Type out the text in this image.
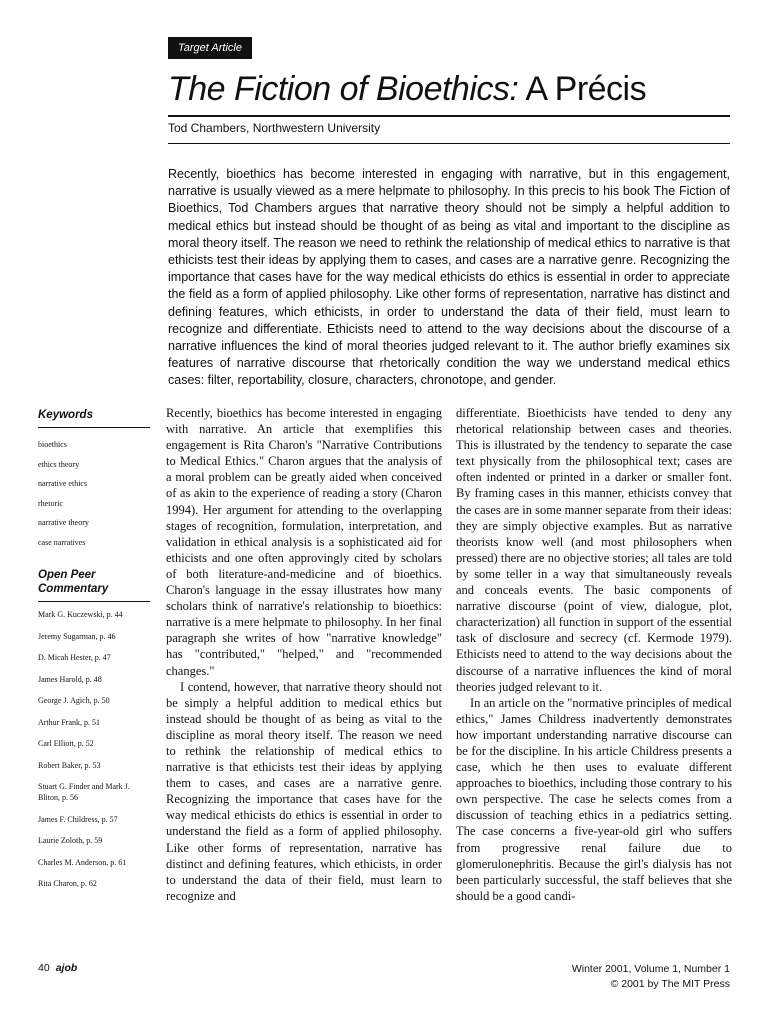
Target Article
The Fiction of Bioethics: A Précis
Tod Chambers, Northwestern University

Recently, bioethics has become interested in engaging with narrative, but in this engagement, narrative is usually viewed as a mere helpmate to philosophy. In this precis to his book The Fiction of Bioethics, Tod Chambers argues that narrative theory should not be simply a helpful addition to medical ethics but instead should be thought of as being as vital and important to the discipline as moral theory itself. The reason we need to rethink the relationship of medical ethics to narrative is that ethicists test their ideas by applying them to cases, and cases are a narrative genre. Recognizing the importance that cases have for the way medical ethicists do ethics is essential in order to appreciate the field as a form of applied philosophy. Like other forms of representation, narrative has distinct and defining features, which ethicists, in order to understand the data of their field, must learn to recognize and differentiate. Ethicists need to attend to the way decisions about the discourse of a narrative influences the kind of moral theories judged relevant to it. The author briefly examines six features of narrative discourse that rhetorically condition the way we understand medical ethics cases: filter, reportability, closure, characters, chronotope, and gender.

Keywords
bioethics
ethics theory
narrative ethics
rhetoric
narrative theory
case narratives
Open Peer Commentary
Mark G. Kuczewski, p. 44
Jeremy Sugarman, p. 46
D. Micah Hester, p. 47
James Harold, p. 48
George J. Agich, p. 50
Arthur Frank, p. 51
Carl Elliott, p. 52
Robert Baker, p. 53
Stuart G. Finder and Mark J. Bliton, p. 56
James F. Childress, p. 57
Laurie Zoloth, p. 59
Charles M. Anderson, p. 61
Rita Charon, p. 62

Recently, bioethics has become interested in engaging with narrative. An article that exemplifies this engagement is Rita Charon's "Narrative Contributions to Medical Ethics." Charon argues that the analysis of a moral problem can be greatly aided when conceived of as akin to the experience of reading a story (Charon 1994). Her argument for attending to the overlapping stages of recognition, formulation, interpretation, and validation in ethical analysis is a sophisticated aid for ethicists and one often approvingly cited by scholars of both literature-and-medicine and of bioethics. Charon's language in the essay illustrates how many scholars think of narrative's relationship to bioethics: narrative is a mere helpmate to philosophy. In her final paragraph she writes of how "narrative knowledge" has "contributed," "helped," and "recommended changes."

I contend, however, that narrative theory should not be simply a helpful addition to medical ethics but instead should be thought of as being as vital to the discipline as moral theory itself. The reason we need to rethink the relationship of medical ethics to narrative is that ethicists test their ideas by applying them to cases, and cases are a narrative genre. Recognizing the importance that cases have for the way medical ethicists do ethics is essential in order to understand the field as a form of applied philosophy. Like other forms of representation, narrative has distinct and defining features, which ethicists, in order to understand the data of their field, must learn to recognize and

differentiate. Bioethicists have tended to deny any rhetorical relationship between cases and theories. This is illustrated by the tendency to separate the case text physically from the philosophical text; cases are often indented or printed in a darker or smaller font. By framing cases in this manner, ethicists convey that the cases are in some manner separate from their ideas: they are simply objective examples. But as narrative theorists know well (and most philosophers when pressed) there are no objective stories; all tales are told by some teller in a way that simultaneously reveals and conceals events. The basic components of narrative discourse (point of view, dialogue, plot, characterization) all function in support of the essential task of disclosure and secrecy (cf. Kermode 1979). Ethicists need to attend to the way decisions about the discourse of a narrative influences the kind of moral theories judged relevant to it.

In an article on the "normative principles of medical ethics," James Childress inadvertently demonstrates how important understanding narrative discourse can be for the discipline. In his article Childress presents a case, which he then uses to evaluate different approaches to bioethics, including those contrary to his own perspective. The case he selects comes from a discussion of teaching ethics in a pediatrics setting. The case concerns a five-year-old girl who suffers from progressive renal failure due to glomerulonephritis. Because the girl's dialysis has not been particularly successful, the staff believes that she should be a good candi-

40 ajob	Winter 2001, Volume 1, Number 1
© 2001 by The MIT Press
